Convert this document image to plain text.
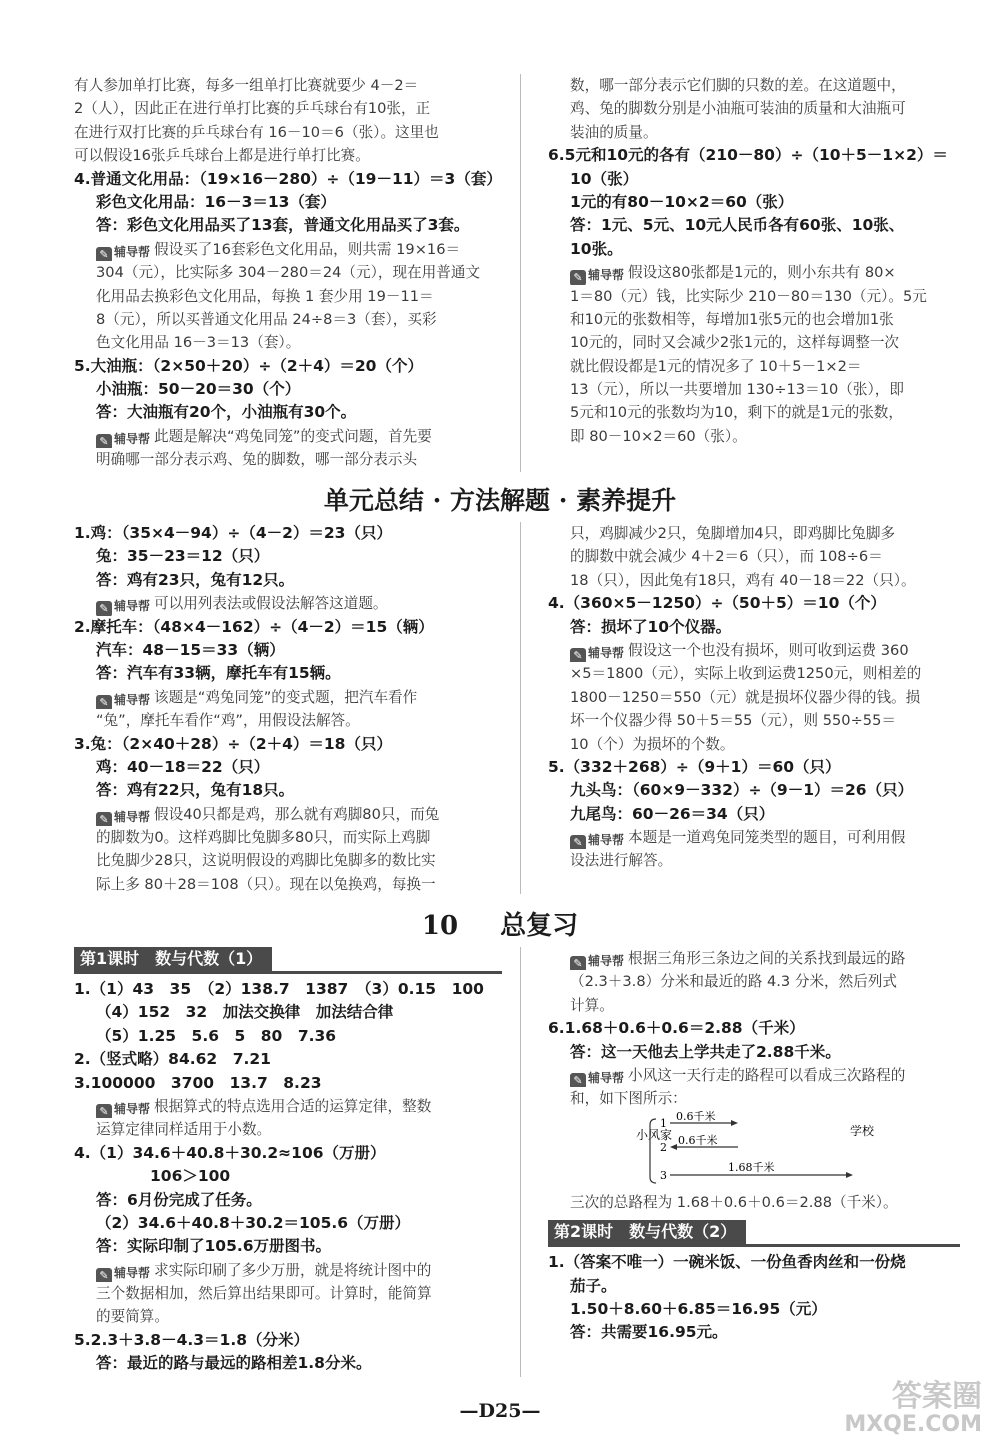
有人参加单打比赛，每多一组单打比赛就要少 4－2＝
2（人），因此正在进行单打比赛的乒乓球台有10张，正
在进行双打比赛的乒乓球台有 16－10＝6（张）。这里也
可以假设16张乒乓球台上都是进行单打比赛。
4.普通文化用品：（19×16－280）÷（19－11）＝3（套）
彩色文化用品：16－3＝13（套）
答：彩色文化用品买了13套，普通文化用品买了3套。
✎ 辅导帮 假设买了16套彩色文化用品，则共需 19×16＝
304（元），比实际多 304－280＝24（元），现在用普通文
化用品去换彩色文化用品，每换 1 套少用 19－11＝
8（元），所以买普通文化用品 24÷8＝3（套），买彩
色文化用品 16－3＝13（套）。
5.大油瓶：（2×50＋20）÷（2＋4）＝20（个）
小油瓶：50－20＝30（个）
答：大油瓶有20个，小油瓶有30个。
✎ 辅导帮 此题是解决“鸡兔同笼”的变式问题，首先要
明确哪一部分表示鸡、兔的脚数，哪一部分表示头
数，哪一部分表示它们脚的只数的差。在这道题中，
鸡、兔的脚数分别是小油瓶可装油的质量和大油瓶可
装油的质量。
6.5元和10元的各有（210－80）÷（10＋5－1×2）＝
10（张）
1元的有80－10×2＝60（张）
答：1元、5元、10元人民币各有60张、10张、
10张。
✎ 辅导帮 假设这80张都是1元的，则小东共有 80×
1＝80（元）钱，比实际少 210－80＝130（元）。5元
和10元的张数相等，每增加1张5元的也会增加1张
10元的，同时又会减少2张1元的，这样每调整一次
就比假设都是1元的情况多了 10＋5－1×2＝
13（元），所以一共要增加 130÷13＝10（张），即
5元和10元的张数均为10，剩下的就是1元的张数，
即 80－10×2＝60（张）。
单元总结 · 方法解题 · 素养提升
1.鸡：（35×4－94）÷（4－2）＝23（只）
兔：35－23＝12（只）
答：鸡有23只，兔有12只。
✎ 辅导帮 可以用列表法或假设法解答这道题。
2.摩托车：（48×4－162）÷（4－2）＝15（辆）
汽车：48－15＝33（辆）
答：汽车有33辆，摩托车有15辆。
✎ 辅导帮 该题是“鸡兔同笼”的变式题，把汽车看作
“兔”，摩托车看作“鸡”，用假设法解答。
3.兔：（2×40＋28）÷（2＋4）＝18（只）
鸡：40－18＝22（只）
答：鸡有22只，兔有18只。
✎ 辅导帮 假设40只都是鸡，那么就有鸡脚80只，而兔
的脚数为0。这样鸡脚比兔脚多80只，而实际上鸡脚
比兔脚少28只，这说明假设的鸡脚比兔脚多的数比实
际上多 80＋28＝108（只）。现在以兔换鸡，每换一
只，鸡脚减少2只，兔脚增加4只，即鸡脚比兔脚多
的脚数中就会减少 4＋2＝6（只），而 108÷6＝
18（只），因此兔有18只，鸡有 40－18＝22（只）。
4.（360×5－1250）÷（50＋5）＝10（个）
答：损坏了10个仪器。
✎ 辅导帮 假设这一个也没有损坏，则可收到运费 360
×5＝1800（元），实际上收到运费1250元，则相差的
1800－1250＝550（元）就是损坏仪器少得的钱。损
坏一个仪器少得 50＋5＝55（元），则 550÷55＝
10（个）为损坏的个数。
5.（332＋268）÷（9＋1）＝60（只）
九头鸟：（60×9－332）÷（9－1）＝26（只）
九尾鸟：60－26＝34（只）
✎ 辅导帮 本题是一道鸡兔同笼类型的题目，可利用假
设法进行解答。
10 总复习
第1课时　数与代数（1）
1.（1）43　35　（2）138.7　1387　（3）0.15　100
（4）152　32　加法交换律　加法结合律
（5）1.25　5.6　5　80　7.36
2.（竖式略）84.62　7.21
3.100000　3700　13.7　8.23
✎ 辅导帮 根据算式的特点选用合适的运算定律，整数
运算定律同样适用于小数。
4.（1）34.6＋40.8＋30.2≈106（万册）
106＞100
答：6月份完成了任务。
（2）34.6＋40.8＋30.2＝105.6（万册）
答：实际印制了105.6万册图书。
✎ 辅导帮 求实际印刷了多少万册，就是将统计图中的
三个数据相加，然后算出结果即可。计算时，能简算
的要简算。
5.2.3＋3.8－4.3＝1.8（分米）
答：最近的路与最远的路相差1.8分米。
✎ 辅导帮 根据三角形三条边之间的关系找到最远的路
（2.3＋3.8）分米和最近的路 4.3 分米，然后列式
计算。
6.1.68＋0.6＋0.6＝2.88（千米）
答：这一天他去上学共走了2.88千米。
✎ 辅导帮 小风这一天行走的路程可以看成三次路程的
和，如下图所示：
小风家
1
0.6千米
2
0.6千米
3
1.68千米
学校
三次的总路程为 1.68＋0.6＋0.6＝2.88（千米）。
第2课时　数与代数（2）
1.（答案不唯一）一碗米饭、一份鱼香肉丝和一份烧
茄子。
1.50＋8.60＋6.85＝16.95（元）
答：共需要16.95元。
—D25—	答案圈
MXQE.COM
